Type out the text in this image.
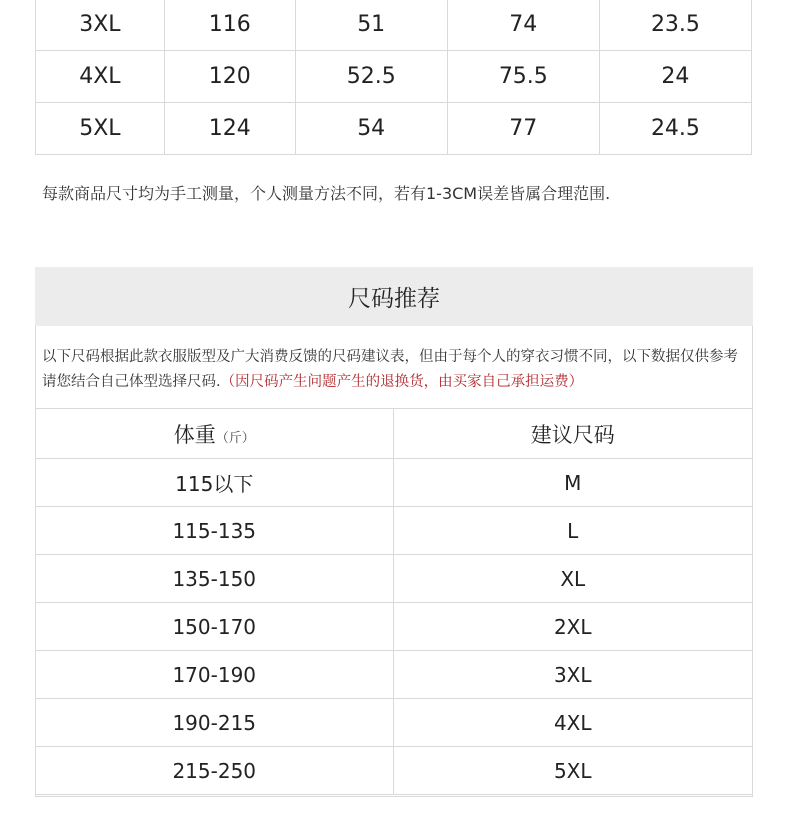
3XL	116	51	74	23.5
4XL	120	52.5	75.5	24
5XL	124	54	77	24.5
每款商品尺寸均为手工测量，个人测量方法不同，若有1-3CM误差皆属合理范围.
尺码推荐
以下尺码根据此款衣服版型及广大消费反馈的尺码建议表，但由于每个人的穿衣习惯不同，以下数据仅供参考请您结合自己体型选择尺码.（因尺码产生问题产生的退换货，由买家自己承担运费）
体重（斤）	建议尺码
115以下	M
115-135	L
135-150	XL
150-170	2XL
170-190	3XL
190-215	4XL
215-250	5XL
